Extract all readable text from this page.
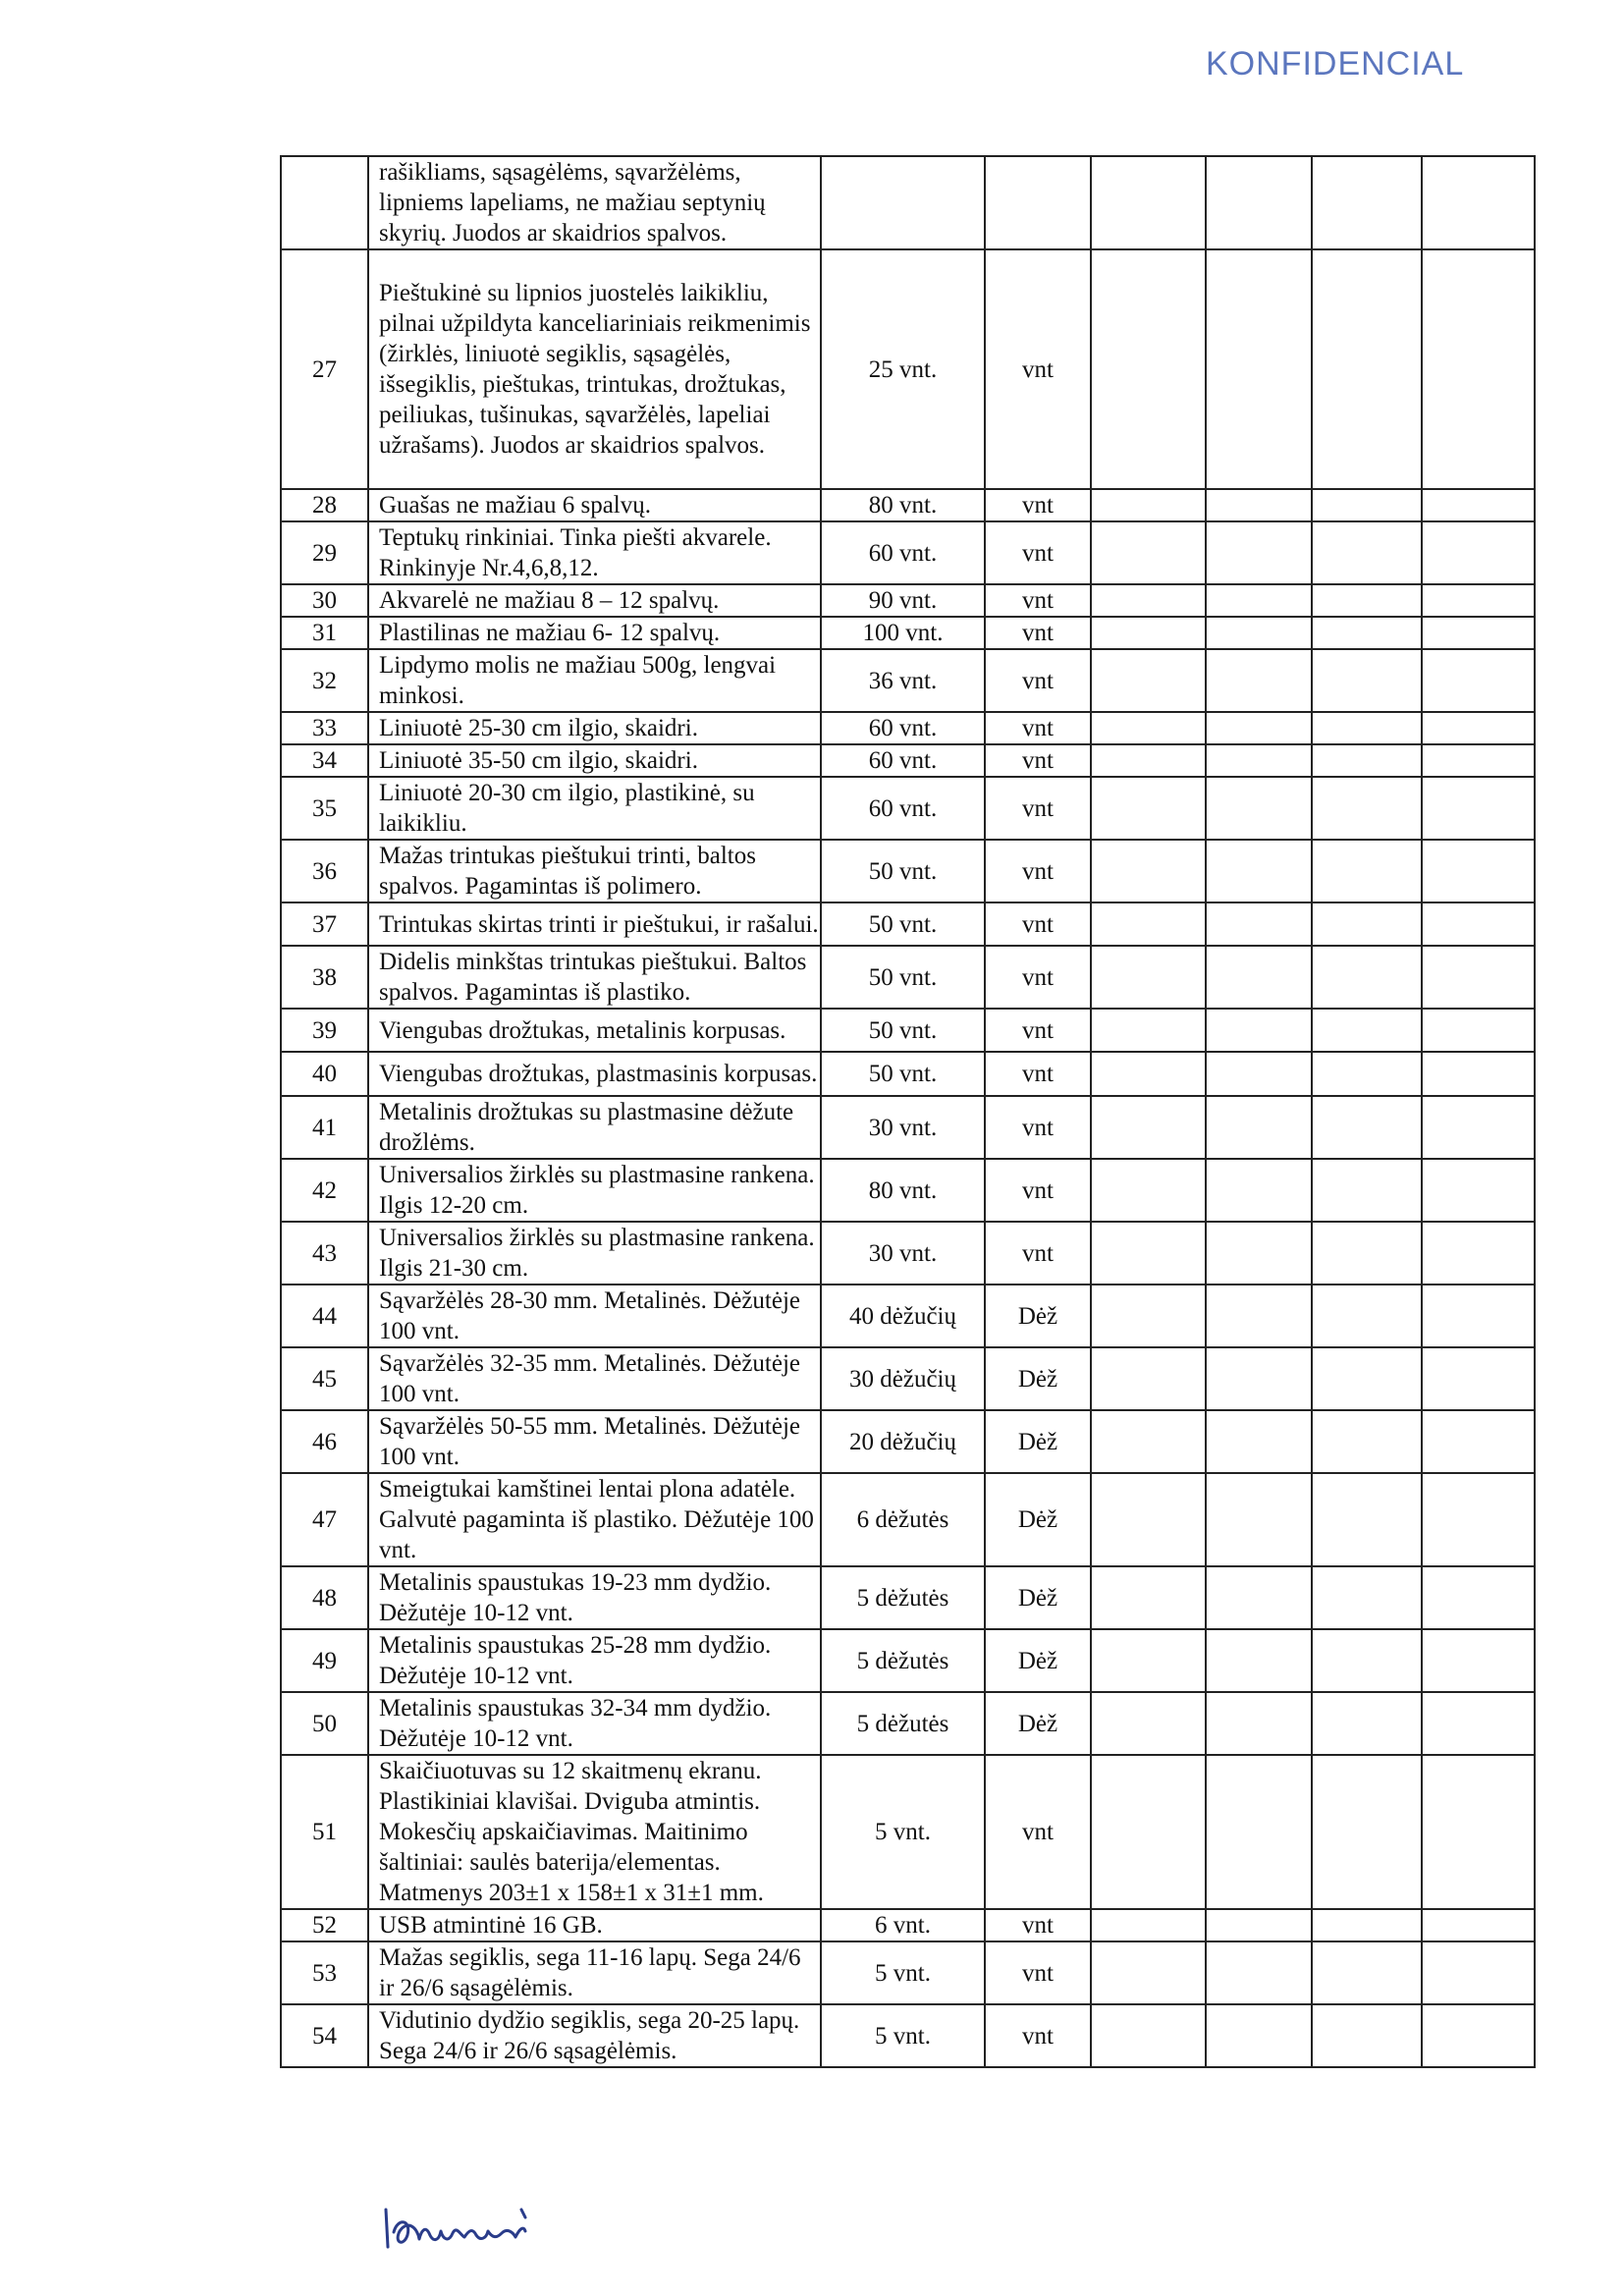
KONFIDENCIAL
	rašikliams, sąsagėlėms, sąvaržėlėms, lipniems lapeliams, ne mažiau septynių skyrių. Juodos ar skaidrios spalvos.						
27	Pieštukinė su lipnios juostelės laikikliu, pilnai užpildyta kanceliariniais reikmenimis (žirklės, liniuotė segiklis, sąsagėlės, išsegiklis, pieštukas, trintukas, drožtukas, peiliukas, tušinukas, sąvaržėlės, lapeliai užrašams). Juodos ar skaidrios spalvos.	25 vnt.	vnt				
28	Guašas ne mažiau 6 spalvų.	80 vnt.	vnt				
29	Teptukų rinkiniai. Tinka piešti akvarele. Rinkinyje Nr.4,6,8,12.	60 vnt.	vnt				
30	Akvarelė ne mažiau 8 – 12 spalvų.	90 vnt.	vnt				
31	Plastilinas ne mažiau 6- 12 spalvų.	100 vnt.	vnt				
32	Lipdymo molis ne mažiau 500g, lengvai minkosi.	36 vnt.	vnt				
33	Liniuotė 25-30 cm ilgio, skaidri.	60 vnt.	vnt				
34	Liniuotė 35-50 cm ilgio, skaidri.	60 vnt.	vnt				
35	Liniuotė 20-30 cm ilgio, plastikinė, su laikikliu.	60 vnt.	vnt				
36	Mažas trintukas pieštukui trinti, baltos spalvos. Pagamintas iš polimero.	50 vnt.	vnt				
37	Trintukas skirtas trinti ir pieštukui, ir rašalui.	50 vnt.	vnt				
38	Didelis minkštas trintukas pieštukui. Baltos spalvos. Pagamintas iš plastiko.	50 vnt.	vnt				
39	Viengubas drožtukas, metalinis korpusas.	50 vnt.	vnt				
40	Viengubas drožtukas, plastmasinis korpusas.	50 vnt.	vnt				
41	Metalinis drožtukas su plastmasine dėžute drožlėms.	30 vnt.	vnt				
42	Universalios žirklės su plastmasine rankena. Ilgis 12-20 cm.	80 vnt.	vnt				
43	Universalios žirklės su plastmasine rankena. Ilgis 21-30 cm.	30 vnt.	vnt				
44	Sąvaržėlės 28-30 mm. Metalinės. Dėžutėje 100 vnt.	40 dėžučių	Dėž				
45	Sąvaržėlės 32-35 mm. Metalinės. Dėžutėje 100 vnt.	30 dėžučių	Dėž				
46	Sąvaržėlės 50-55 mm. Metalinės. Dėžutėje 100 vnt.	20 dėžučių	Dėž				
47	Smeigtukai kamštinei lentai plona adatėle. Galvutė pagaminta iš plastiko. Dėžutėje 100 vnt.	6 dėžutės	Dėž				
48	Metalinis spaustukas 19-23 mm dydžio. Dėžutėje 10-12 vnt.	5 dėžutės	Dėž				
49	Metalinis spaustukas 25-28 mm dydžio. Dėžutėje 10-12 vnt.	5 dėžutės	Dėž				
50	Metalinis spaustukas 32-34 mm dydžio. Dėžutėje 10-12 vnt.	5 dėžutės	Dėž				
51	Skaičiuotuvas su 12 skaitmenų ekranu. Plastikiniai klavišai. Dviguba atmintis. Mokesčių apskaičiavimas. Maitinimo šaltiniai: saulės baterija/elementas. Matmenys 203±1 x 158±1 x 31±1 mm.	5 vnt.	vnt				
52	USB atmintinė 16 GB.	6 vnt.	vnt				
53	Mažas segiklis, sega 11-16 lapų. Sega 24/6 ir 26/6 sąsagėlėmis.	5 vnt.	vnt				
54	Vidutinio dydžio segiklis, sega 20-25 lapų. Sega 24/6 ir 26/6 sąsagėlėmis.	5 vnt.	vnt				
